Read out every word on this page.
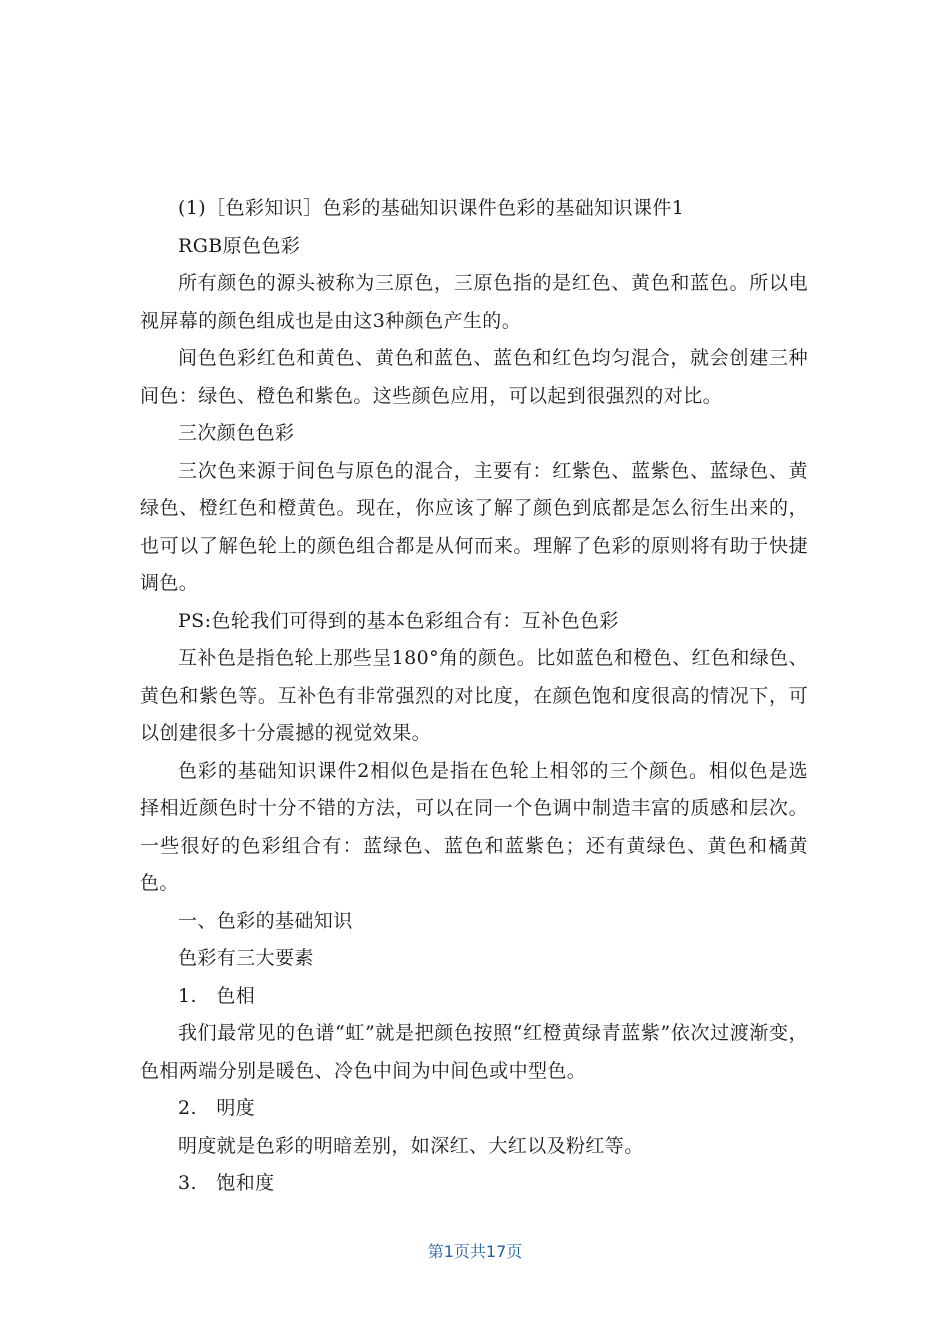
(1)［色彩知识］色彩的基础知识课件色彩的基础知识课件1

RGB原色色彩

所有颜色的源头被称为三原色，三原色指的是红色、黄色和蓝色。所以电视屏幕的颜色组成也是由这3种颜色产生的。

间色色彩红色和黄色、黄色和蓝色、蓝色和红色均匀混合，就会创建三种间色：绿色、橙色和紫色。这些颜色应用，可以起到很强烈的对比。

三次颜色色彩

三次色来源于间色与原色的混合，主要有：红紫色、蓝紫色、蓝绿色、黄绿色、橙红色和橙黄色。现在，你应该了解了颜色到底都是怎么衍生出来的，也可以了解色轮上的颜色组合都是从何而来。理解了色彩的原则将有助于快捷调色。

PS:色轮我们可得到的基本色彩组合有：互补色色彩

互补色是指色轮上那些呈180°角的颜色。比如蓝色和橙色、红色和绿色、黄色和紫色等。互补色有非常强烈的对比度，在颜色饱和度很高的情况下，可以创建很多十分震撼的视觉效果。

色彩的基础知识课件2相似色是指在色轮上相邻的三个颜色。相似色是选择相近颜色时十分不错的方法，可以在同一个色调中制造丰富的质感和层次。一些很好的色彩组合有：蓝绿色、蓝色和蓝紫色；还有黄绿色、黄色和橘黄色。

一、色彩的基础知识

色彩有三大要素

1.　色相

我们最常见的色谱“虹”就是把颜色按照“红橙黄绿青蓝紫”依次过渡渐变，色相两端分别是暖色、冷色中间为中间色或中型色。

2.　明度

明度就是色彩的明暗差别，如深红、大红以及粉红等。

3.　饱和度

第1页共17页
